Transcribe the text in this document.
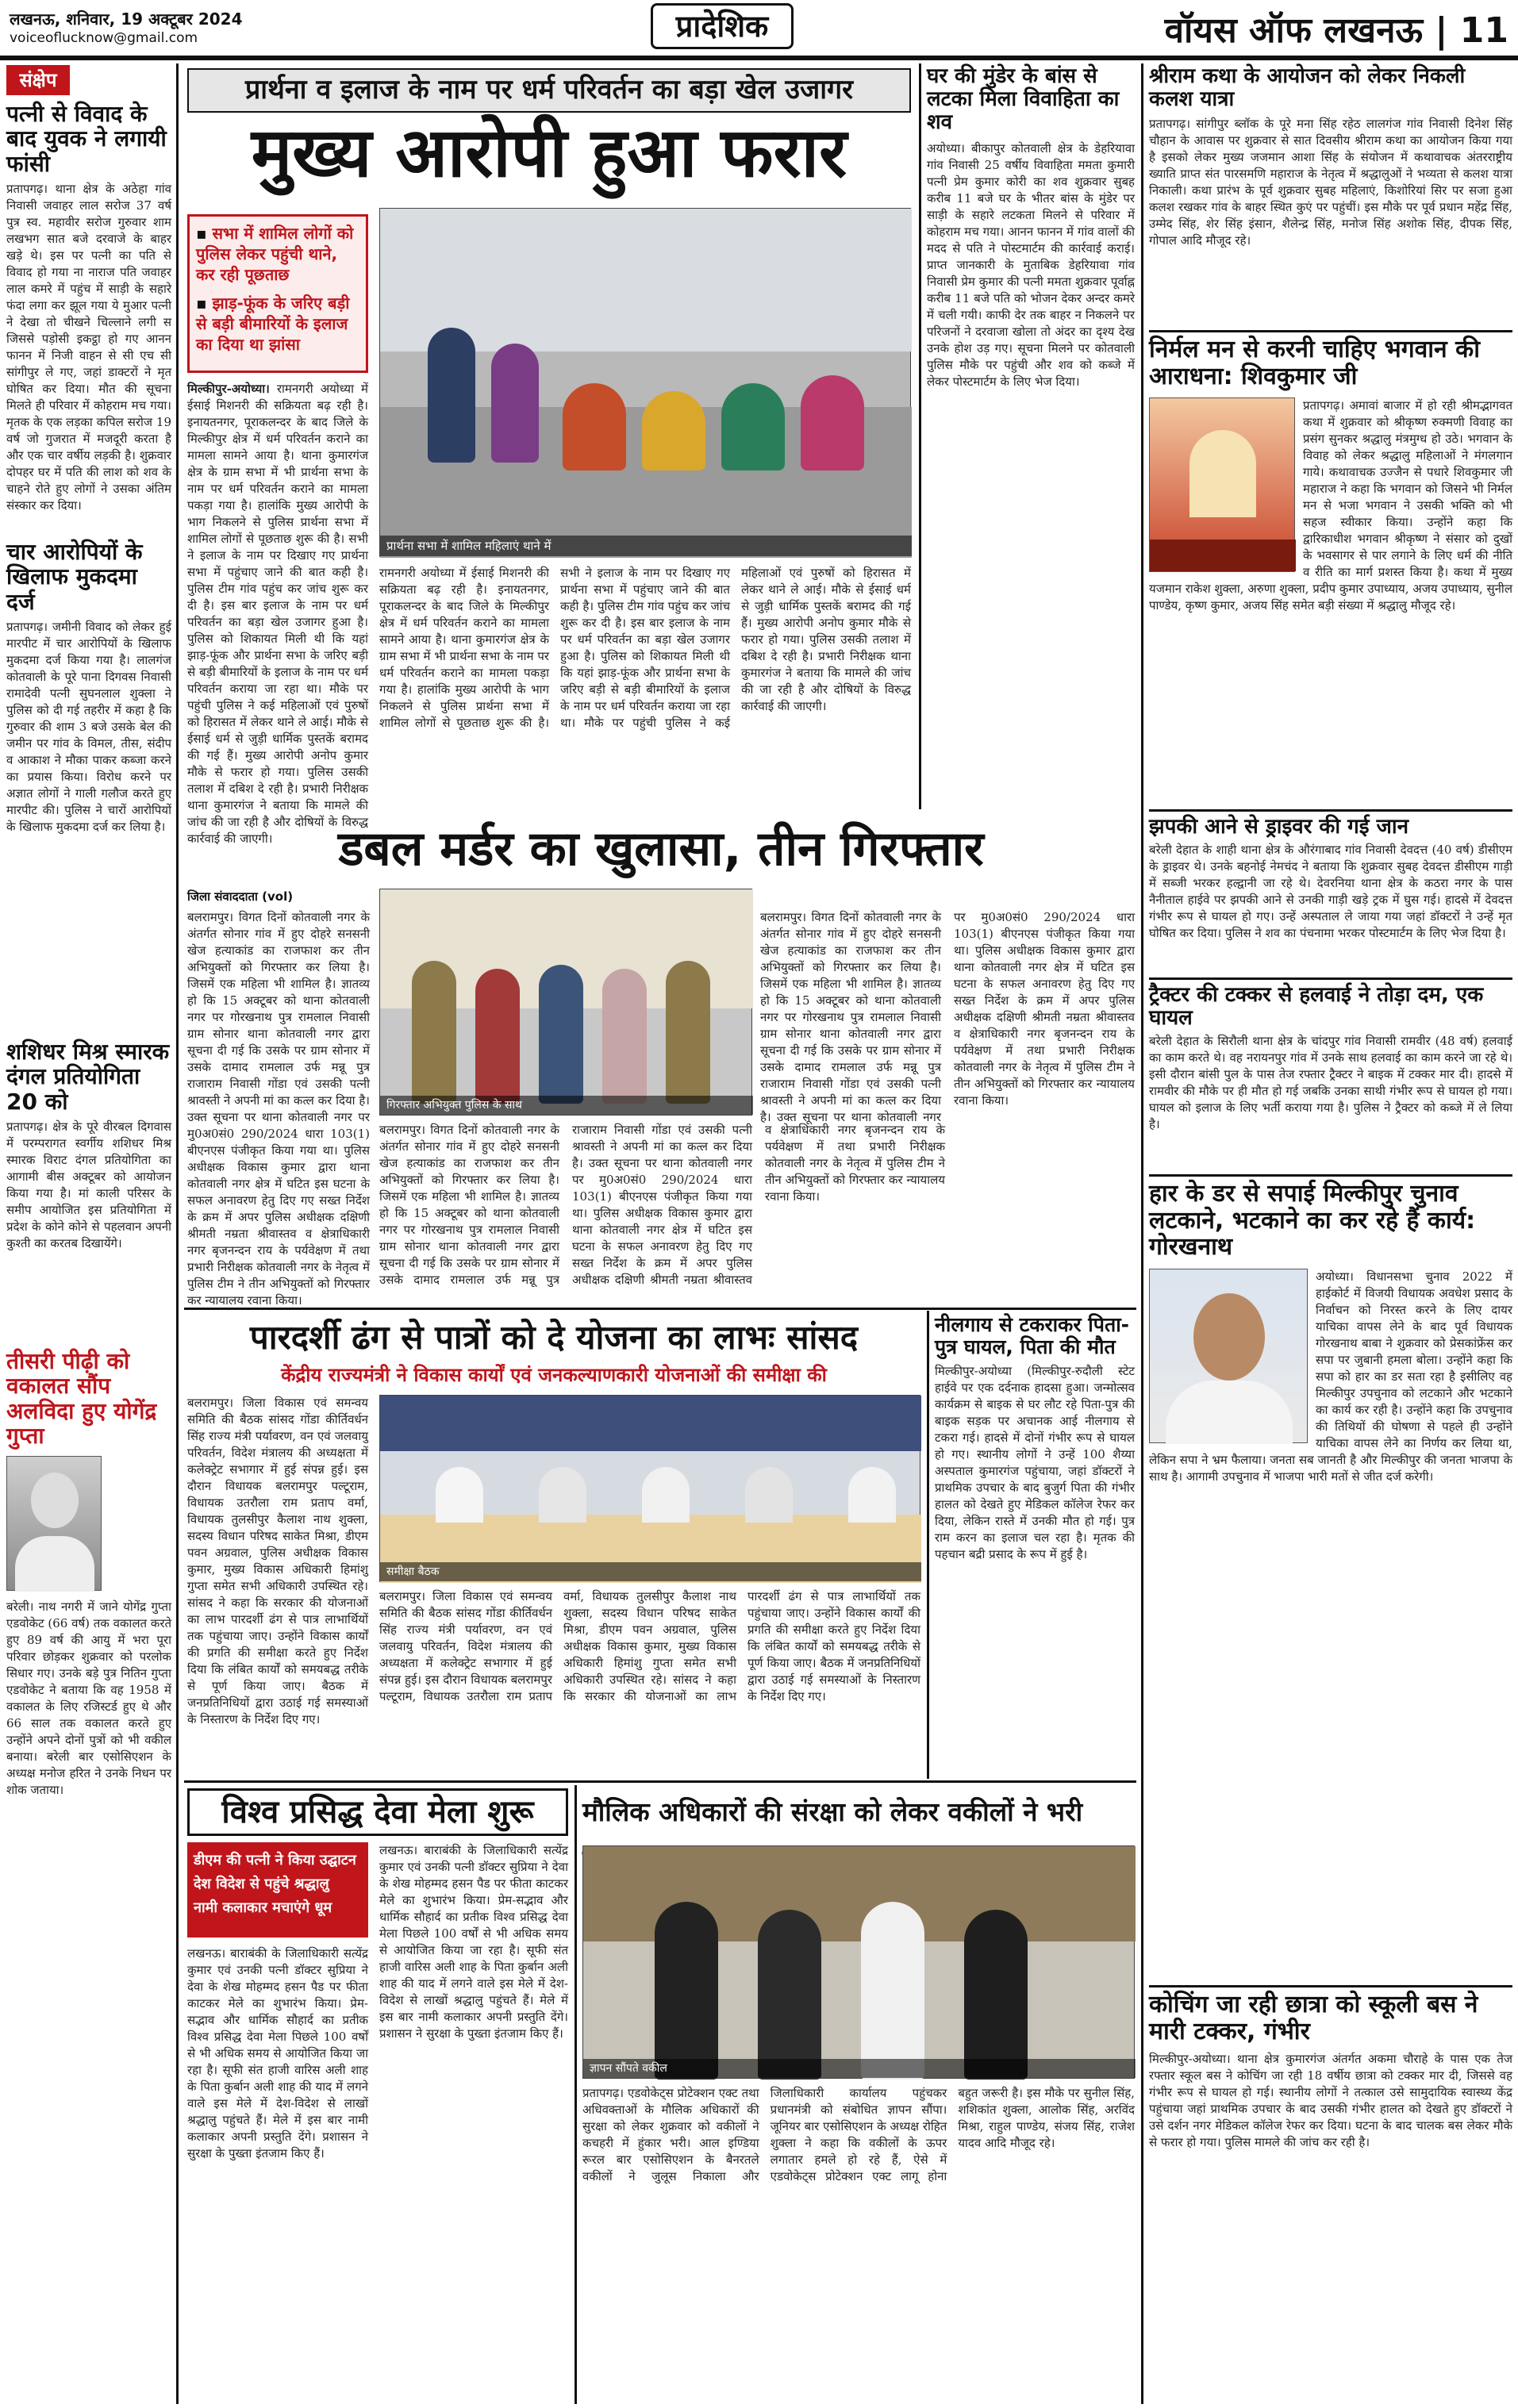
लखनऊ, शनिवार, 19 अक्टूबर 2024
voiceoflucknow@gmail.com	प्रादेशिक	वॉयस ऑफ लखनऊ | 11
संक्षेप
पत्नी से विवाद के बाद युवक ने लगायी फांसी
प्रतापगढ़। थाना क्षेत्र के अठेहा गांव निवासी जवाहर लाल सरोज 37 वर्ष पुत्र स्व. महावीर सरोज गुरुवार शाम लखभग सात बजे दरवाजे के बाहर खड़े थे। इस पर पत्नी का पति से विवाद हो गया ना नाराज पति जवाहर लाल कमरे में पहुंच में साड़ी के सहारे फंदा लगा कर झूल गया ये मुआर पत्नी ने देखा तो चीखने चिल्लाने लगी स जिससे पड़ोसी इकट्ठा हो गए आनन फानन में निजी वाहन से सी एच सी सांगीपुर ले गए, जहां डाक्टरों ने मृत घोषित कर दिया। मौत की सूचना मिलते ही परिवार में कोहराम मच गया। मृतक के एक लड़का कपिल सरोज 19 वर्ष जो गुजरात में मजदूरी करता है और एक चार वर्षीय लड़की है। शुक्रवार दोपहर घर में पति की लाश को शव के चाहने रोते हुए लोगों ने उसका अंतिम संस्कार कर दिया।
चार आरोपियों के खिलाफ मुकदमा दर्ज
प्रतापगढ़। जमीनी विवाद को लेकर हुई मारपीट में चार आरोपियों के खिलाफ मुकदमा दर्ज किया गया है। लालगंज कोतवाली के पूरे पाना दिगवस निवासी रामादेवी पत्नी सुघनलाल शुक्ला ने पुलिस को दी गई तहरीर में कहा है कि गुरुवार की शाम 3 बजे उसके बेल की जमीन पर गांव के विमल, तीस, संदीप व आकाश ने मौका पाकर कब्जा करने का प्रयास किया। विरोध करने पर अज्ञात लोगों ने गाली गलौज करते हुए मारपीट की। पुलिस ने चारों आरोपियों के खिलाफ मुकदमा दर्ज कर लिया है।
शशिधर मिश्र स्मारक दंगल प्रतियोगिता 20 को
प्रतापगढ़। क्षेत्र के पूरे वीरबल दिगवास में परम्परागत स्वर्गीय शशिधर मिश्र स्मारक विराट दंगल प्रतियोगिता का आगामी बीस अक्टूबर को आयोजन किया गया है। मां काली परिसर के समीप आयोजित इस प्रतियोगिता में प्रदेश के कोने कोने से पहलवान अपनी कुश्ती का करतब दिखायेंगे।
तीसरी पीढ़ी को वकालत सौंप अलविदा हुए योगेंद्र गुप्ता
बरेली। नाथ नगरी में जाने योगेंद्र गुप्ता एडवोकेट (66 वर्ष) तक वकालत करते हुए 89 वर्ष की आयु में भरा पूरा परिवार छोड़कर शुक्रवार को परलोक सिधार गए। उनके बड़े पुत्र नितिन गुप्ता एडवोकेट ने बताया कि वह 1958 में वकालत के लिए रजिस्टर्ड हुए थे और 66 साल तक वकालत करते हुए उन्होंने अपने दोनों पुत्रों को भी वकील बनाया। बरेली बार एसोसिएशन के अध्यक्ष मनोज हरित ने उनके निधन पर शोक जताया।
प्रार्थना व इलाज के नाम पर धर्म परिवर्तन का बड़ा खेल उजागर
मुख्य आरोपी हुआ फरार
▪ सभा में शामिल लोगों को पुलिस लेकर पहुंची थाने, कर रही पूछताछ
▪ झाड़-फूंक के जरिए बड़ी से बड़ी बीमारियों के इलाज का दिया था झांसा
मिल्कीपुर-अयोध्या। रामनगरी अयोध्या में ईसाई मिशनरी की सक्रियता बढ़ रही है। इनायतनगर, पूराकलन्दर के बाद जिले के मिल्कीपुर क्षेत्र में धर्म परिवर्तन कराने का मामला सामने आया है। थाना कुमारगंज क्षेत्र के ग्राम सभा में भी प्रार्थना सभा के नाम पर धर्म परिवर्तन कराने का मामला पकड़ा गया है। हालांकि मुख्य आरोपी के भाग निकलने से पुलिस प्रार्थना सभा में शामिल लोगों से पूछताछ शुरू की है। सभी ने इलाज के नाम पर दिखाए गए प्रार्थना सभा में पहुंचाए जाने की बात कही है। पुलिस टीम गांव पहुंच कर जांच शुरू कर दी है। इस बार इलाज के नाम पर धर्म परिवर्तन का बड़ा खेल उजागर हुआ है। पुलिस को शिकायत मिली थी कि यहां झाड़-फूंक और प्रार्थना सभा के जरिए बड़ी से बड़ी बीमारियों के इलाज के नाम पर धर्म परिवर्तन कराया जा रहा था। मौके पर पहुंची पुलिस ने कई महिलाओं एवं पुरुषों को हिरासत में लेकर थाने ले आई। मौके से ईसाई धर्म से जुड़ी धार्मिक पुस्तकें बरामद की गई हैं। मुख्य आरोपी अनोप कुमार मौके से फरार हो गया। पुलिस उसकी तलाश में दबिश दे रही है। प्रभारी निरीक्षक थाना कुमारगंज ने बताया कि मामले की जांच की जा रही है और दोषियों के विरुद्ध कार्रवाई की जाएगी।
प्रार्थना सभा में शामिल महिलाएं थाने में
रामनगरी अयोध्या में ईसाई मिशनरी की सक्रियता बढ़ रही है। इनायतनगर, पूराकलन्दर के बाद जिले के मिल्कीपुर क्षेत्र में धर्म परिवर्तन कराने का मामला सामने आया है। थाना कुमारगंज क्षेत्र के ग्राम सभा में भी प्रार्थना सभा के नाम पर धर्म परिवर्तन कराने का मामला पकड़ा गया है। हालांकि मुख्य आरोपी के भाग निकलने से पुलिस प्रार्थना सभा में शामिल लोगों से पूछताछ शुरू की है। सभी ने इलाज के नाम पर दिखाए गए प्रार्थना सभा में पहुंचाए जाने की बात कही है। पुलिस टीम गांव पहुंच कर जांच शुरू कर दी है। इस बार इलाज के नाम पर धर्म परिवर्तन का बड़ा खेल उजागर हुआ है। पुलिस को शिकायत मिली थी कि यहां झाड़-फूंक और प्रार्थना सभा के जरिए बड़ी से बड़ी बीमारियों के इलाज के नाम पर धर्म परिवर्तन कराया जा रहा था। मौके पर पहुंची पुलिस ने कई महिलाओं एवं पुरुषों को हिरासत में लेकर थाने ले आई। मौके से ईसाई धर्म से जुड़ी धार्मिक पुस्तकें बरामद की गई हैं। मुख्य आरोपी अनोप कुमार मौके से फरार हो गया। पुलिस उसकी तलाश में दबिश दे रही है। प्रभारी निरीक्षक थाना कुमारगंज ने बताया कि मामले की जांच की जा रही है और दोषियों के विरुद्ध कार्रवाई की जाएगी।
घर की मुंडेर के बांस से लटका मिला विवाहिता का शव
अयोध्या। बीकापुर कोतवाली क्षेत्र के डेहरियावा गांव निवासी 25 वर्षीय विवाहिता ममता कुमारी पत्नी प्रेम कुमार कोरी का शव शुक्रवार सुबह करीब 11 बजे घर के भीतर बांस के मुंडेर पर साड़ी के सहारे लटकता मिलने से परिवार में कोहराम मच गया। आनन फानन में गांव वालों की मदद से पति ने पोस्टमार्टम की कार्रवाई कराई। प्राप्त जानकारी के मुताबिक डेहरियावा गांव निवासी प्रेम कुमार की पत्नी ममता शुक्रवार पूर्वाह्न करीब 11 बजे पति को भोजन देकर अन्दर कमरे में चली गयी। काफी देर तक बाहर न निकलने पर परिजनों ने दरवाजा खोला तो अंदर का दृश्य देख उनके होश उड़ गए। सूचना मिलने पर कोतवाली पुलिस मौके पर पहुंची और शव को कब्जे में लेकर पोस्टमार्टम के लिए भेज दिया।
श्रीराम कथा के आयोजन को लेकर निकली कलश यात्रा
प्रतापगढ़। सांगीपुर ब्लॉक के पूरे मना सिंह रहेठ लालगंज गांव निवासी दिनेश सिंह चौहान के आवास पर शुक्रवार से सात दिवसीय श्रीराम कथा का आयोजन किया गया है इसको लेकर मुख्य जजमान आशा सिंह के संयोजन में कथावाचक अंतरराष्ट्रीय ख्याति प्राप्त संत पारसमणि महाराज के नेतृत्व में श्रद्धालुओं ने भव्यता से कलश यात्रा निकाली। कथा प्रारंभ के पूर्व शुक्रवार सुबह महिलाएं, किशोरियां सिर पर सजा हुआ कलश रखकर गांव के बाहर स्थित कुएं पर पहुंचीं। इस मौके पर पूर्व प्रधान महेंद्र सिंह, उम्मेद सिंह, शेर सिंह इंसान, शैलेन्द्र सिंह, मनोज सिंह अशोक सिंह, दीपक सिंह, गोपाल आदि मौजूद रहे।
निर्मल मन से करनी चाहिए भगवान की आराधना: शिवकुमार जी
प्रतापगढ़। अमावां बाजार में हो रही श्रीमद्भागवत कथा में शुक्रवार को श्रीकृष्ण रुक्मणी विवाह का प्रसंग सुनकर श्रद्धालु मंत्रमुग्ध हो उठे। भगवान के विवाह को लेकर श्रद्धालु महिलाओं ने मंगलगान गाये। कथावाचक उज्जैन से पधारे शिवकुमार जी महाराज ने कहा कि भगवान को जिसने भी निर्मल मन से भजा भगवान ने उसकी भक्ति को भी सहज स्वीकार किया। उन्होंने कहा कि द्वारिकाधीश भगवान श्रीकृष्ण ने संसार को दुखों के भवसागर से पार लगाने के लिए धर्म की नीति व रीति का मार्ग प्रशस्त किया है। कथा में मुख्य यजमान राकेश शुक्ला, अरुणा शुक्ला, प्रदीप कुमार उपाध्याय, अजय उपाध्याय, सुनील पाण्डेय, कृष्ण कुमार, अजय सिंह समेत बड़ी संख्या में श्रद्धालु मौजूद रहे।
डबल मर्डर का खुलासा, तीन गिरफ्तार
जिला संवाददाता (vol)
बलरामपुर। विगत दिनों कोतवाली नगर के अंतर्गत सोनार गांव में हुए दोहरे सनसनी खेज हत्याकांड का राजफाश कर तीन अभियुक्तों को गिरफ्तार कर लिया है। जिसमें एक महिला भी शामिल है। ज्ञातव्य हो कि 15 अक्टूबर को थाना कोतवाली नगर पर गोरखनाथ पुत्र रामलाल निवासी ग्राम सोनार थाना कोतवाली नगर द्वारा सूचना दी गई कि उसके पर ग्राम सोनार में उसके दामाद रामलाल उर्फ मन्नू पुत्र राजाराम निवासी गोंडा एवं उसकी पत्नी श्रावस्ती ने अपनी मां का कत्ल कर दिया है। उक्त सूचना पर थाना कोतवाली नगर पर मु0अ0सं0 290/2024 धारा 103(1) बीएनएस पंजीकृत किया गया था। पुलिस अधीक्षक विकास कुमार द्वारा थाना कोतवाली नगर क्षेत्र में घटित इस घटना के सफल अनावरण हेतु दिए गए सख्त निर्देश के क्रम में अपर पुलिस अधीक्षक दक्षिणी श्रीमती नम्रता श्रीवास्तव व क्षेत्राधिकारी नगर बृजनन्दन राय के पर्यवेक्षण में तथा प्रभारी निरीक्षक कोतवाली नगर के नेतृत्व में पुलिस टीम ने तीन अभियुक्तों को गिरफ्तार कर न्यायालय रवाना किया।
गिरफ्तार अभियुक्त पुलिस के साथ
बलरामपुर। विगत दिनों कोतवाली नगर के अंतर्गत सोनार गांव में हुए दोहरे सनसनी खेज हत्याकांड का राजफाश कर तीन अभियुक्तों को गिरफ्तार कर लिया है। जिसमें एक महिला भी शामिल है। ज्ञातव्य हो कि 15 अक्टूबर को थाना कोतवाली नगर पर गोरखनाथ पुत्र रामलाल निवासी ग्राम सोनार थाना कोतवाली नगर द्वारा सूचना दी गई कि उसके पर ग्राम सोनार में उसके दामाद रामलाल उर्फ मन्नू पुत्र राजाराम निवासी गोंडा एवं उसकी पत्नी श्रावस्ती ने अपनी मां का कत्ल कर दिया है। उक्त सूचना पर थाना कोतवाली नगर पर मु0अ0सं0 290/2024 धारा 103(1) बीएनएस पंजीकृत किया गया था। पुलिस अधीक्षक विकास कुमार द्वारा थाना कोतवाली नगर क्षेत्र में घटित इस घटना के सफल अनावरण हेतु दिए गए सख्त निर्देश के क्रम में अपर पुलिस अधीक्षक दक्षिणी श्रीमती नम्रता श्रीवास्तव व क्षेत्राधिकारी नगर बृजनन्दन राय के पर्यवेक्षण में तथा प्रभारी निरीक्षक कोतवाली नगर के नेतृत्व में पुलिस टीम ने तीन अभियुक्तों को गिरफ्तार कर न्यायालय रवाना किया।
बलरामपुर। विगत दिनों कोतवाली नगर के अंतर्गत सोनार गांव में हुए दोहरे सनसनी खेज हत्याकांड का राजफाश कर तीन अभियुक्तों को गिरफ्तार कर लिया है। जिसमें एक महिला भी शामिल है। ज्ञातव्य हो कि 15 अक्टूबर को थाना कोतवाली नगर पर गोरखनाथ पुत्र रामलाल निवासी ग्राम सोनार थाना कोतवाली नगर द्वारा सूचना दी गई कि उसके पर ग्राम सोनार में उसके दामाद रामलाल उर्फ मन्नू पुत्र राजाराम निवासी गोंडा एवं उसकी पत्नी श्रावस्ती ने अपनी मां का कत्ल कर दिया है। उक्त सूचना पर थाना कोतवाली नगर पर मु0अ0सं0 290/2024 धारा 103(1) बीएनएस पंजीकृत किया गया था। पुलिस अधीक्षक विकास कुमार द्वारा थाना कोतवाली नगर क्षेत्र में घटित इस घटना के सफल अनावरण हेतु दिए गए सख्त निर्देश के क्रम में अपर पुलिस अधीक्षक दक्षिणी श्रीमती नम्रता श्रीवास्तव व क्षेत्राधिकारी नगर बृजनन्दन राय के पर्यवेक्षण में तथा प्रभारी निरीक्षक कोतवाली नगर के नेतृत्व में पुलिस टीम ने तीन अभियुक्तों को गिरफ्तार कर न्यायालय रवाना किया।
झपकी आने से ड्राइवर की गई जान
बरेली देहात के शाही थाना क्षेत्र के औरंगाबाद गांव निवासी देवदत्त (40 वर्ष) डीसीएम के ड्राइवर थे। उनके बहनोई नेमचंद ने बताया कि शुक्रवार सुबह देवदत्त डीसीएम गाड़ी में सब्जी भरकर हल्द्वानी जा रहे थे। देवरनिया थाना क्षेत्र के कठरा नगर के पास नैनीताल हाईवे पर झपकी आने से उनकी गाड़ी खड़े ट्रक में घुस गई। हादसे में देवदत्त गंभीर रूप से घायल हो गए। उन्हें अस्पताल ले जाया गया जहां डॉक्टरों ने उन्हें मृत घोषित कर दिया। पुलिस ने शव का पंचनामा भरकर पोस्टमार्टम के लिए भेज दिया है।
ट्रैक्टर की टक्कर से हलवाई ने तोड़ा दम, एक घायल
बरेली देहात के सिरौली थाना क्षेत्र के चांदपुर गांव निवासी रामवीर (48 वर्ष) हलवाई का काम करते थे। वह नरायनपुर गांव में उनके साथ हलवाई का काम करने जा रहे थे। इसी दौरान बांसी पुल के पास तेज रफ्तार ट्रैक्टर ने बाइक में टक्कर मार दी। हादसे में रामवीर की मौके पर ही मौत हो गई जबकि उनका साथी गंभीर रूप से घायल हो गया। घायल को इलाज के लिए भर्ती कराया गया है। पुलिस ने ट्रैक्टर को कब्जे में ले लिया है।
हार के डर से सपाई मिल्कीपुर चुनाव लटकाने, भटकाने का कर रहे हैं कार्य: गोरखनाथ
अयोध्या। विधानसभा चुनाव 2022 में हाईकोर्ट में विजयी विधायक अवधेश प्रसाद के निर्वाचन को निरस्त करने के लिए दायर याचिका वापस लेने के बाद पूर्व विधायक गोरखनाथ बाबा ने शुक्रवार को प्रेसकांफ्रेंस कर सपा पर जुबानी हमला बोला। उन्होंने कहा कि सपा को हार का डर सता रहा है इसीलिए वह मिल्कीपुर उपचुनाव को लटकाने और भटकाने का कार्य कर रही है। उन्होंने कहा कि उपचुनाव की तिथियों की घोषणा से पहले ही उन्होंने याचिका वापस लेने का निर्णय कर लिया था, लेकिन सपा ने भ्रम फैलाया। जनता सब जानती है और मिल्कीपुर की जनता भाजपा के साथ है। आगामी उपचुनाव में भाजपा भारी मतों से जीत दर्ज करेगी।
कोचिंग जा रही छात्रा को स्कूली बस ने मारी टक्कर, गंभीर
मिल्कीपुर-अयोध्या। थाना क्षेत्र कुमारगंज अंतर्गत अकमा चौराहे के पास एक तेज रफ्तार स्कूल बस ने कोचिंग जा रही 18 वर्षीय छात्रा को टक्कर मार दी, जिससे वह गंभीर रूप से घायल हो गई। स्थानीय लोगों ने तत्काल उसे सामुदायिक स्वास्थ्य केंद्र पहुंचाया जहां प्राथमिक उपचार के बाद उसकी गंभीर हालत को देखते हुए डॉक्टरों ने उसे दर्शन नगर मेडिकल कॉलेज रेफर कर दिया। घटना के बाद चालक बस लेकर मौके से फरार हो गया। पुलिस मामले की जांच कर रही है।
नीलगाय से टकराकर पिता-पुत्र घायल, पिता की मौत
मिल्कीपुर-अयोध्या (मिल्कीपुर-रुदौली स्टेट हाईवे पर एक दर्दनाक हादसा हुआ। जन्मोत्सव कार्यक्रम से बाइक से घर लौट रहे पिता-पुत्र की बाइक सड़क पर अचानक आई नीलगाय से टकरा गई। हादसे में दोनों गंभीर रूप से घायल हो गए। स्थानीय लोगों ने उन्हें 100 शैय्या अस्पताल कुमारगंज पहुंचाया, जहां डॉक्टरों ने प्राथमिक उपचार के बाद बुजुर्ग पिता की गंभीर हालत को देखते हुए मेडिकल कॉलेज रेफर कर दिया, लेकिन रास्ते में उनकी मौत हो गई। पुत्र राम करन का इलाज चल रहा है। मृतक की पहचान बद्री प्रसाद के रूप में हुई है।
पारदर्शी ढंग से पात्रों को दे योजना का लाभः सांसद
केंद्रीय राज्यमंत्री ने विकास कार्यों एवं जनकल्याणकारी योजनाओं की समीक्षा की
बलरामपुर। जिला विकास एवं समन्वय समिति की बैठक सांसद गोंडा कीर्तिवर्धन सिंह राज्य मंत्री पर्यावरण, वन एवं जलवायु परिवर्तन, विदेश मंत्रालय की अध्यक्षता में कलेक्ट्रेट सभागार में हुई संपन्न हुई। इस दौरान विधायक बलरामपुर पल्टूराम, विधायक उतरौला राम प्रताप वर्मा, विधायक तुलसीपुर कैलाश नाथ शुक्ला, सदस्य विधान परिषद साकेत मिश्रा, डीएम पवन अग्रवाल, पुलिस अधीक्षक विकास कुमार, मुख्य विकास अधिकारी हिमांशु गुप्ता समेत सभी अधिकारी उपस्थित रहे। सांसद ने कहा कि सरकार की योजनाओं का लाभ पारदर्शी ढंग से पात्र लाभार्थियों तक पहुंचाया जाए। उन्होंने विकास कार्यों की प्रगति की समीक्षा करते हुए निर्देश दिया कि लंबित कार्यों को समयबद्ध तरीके से पूर्ण किया जाए। बैठक में जनप्रतिनिधियों द्वारा उठाई गई समस्याओं के निस्तारण के निर्देश दिए गए।
समीक्षा बैठक
बलरामपुर। जिला विकास एवं समन्वय समिति की बैठक सांसद गोंडा कीर्तिवर्धन सिंह राज्य मंत्री पर्यावरण, वन एवं जलवायु परिवर्तन, विदेश मंत्रालय की अध्यक्षता में कलेक्ट्रेट सभागार में हुई संपन्न हुई। इस दौरान विधायक बलरामपुर पल्टूराम, विधायक उतरौला राम प्रताप वर्मा, विधायक तुलसीपुर कैलाश नाथ शुक्ला, सदस्य विधान परिषद साकेत मिश्रा, डीएम पवन अग्रवाल, पुलिस अधीक्षक विकास कुमार, मुख्य विकास अधिकारी हिमांशु गुप्ता समेत सभी अधिकारी उपस्थित रहे। सांसद ने कहा कि सरकार की योजनाओं का लाभ पारदर्शी ढंग से पात्र लाभार्थियों तक पहुंचाया जाए। उन्होंने विकास कार्यों की प्रगति की समीक्षा करते हुए निर्देश दिया कि लंबित कार्यों को समयबद्ध तरीके से पूर्ण किया जाए। बैठक में जनप्रतिनिधियों द्वारा उठाई गई समस्याओं के निस्तारण के निर्देश दिए गए।
विश्व प्रसिद्ध देवा मेला शुरू
डीएम की पत्नी ने किया उद्घाटन
देश विदेश से पहुंचे श्रद्धालु
नामी कलाकार मचाएंगे धूम
लखनऊ। बाराबंकी के जिलाधिकारी सत्येंद्र कुमार एवं उनकी पत्नी डॉक्टर सुप्रिया ने देवा के शेख मोहम्मद हसन पैड पर फीता काटकर मेले का शुभारंभ किया। प्रेम-सद्भाव और धार्मिक सौहार्द का प्रतीक विश्व प्रसिद्ध देवा मेला पिछले 100 वर्षों से भी अधिक समय से आयोजित किया जा रहा है। सूफी संत हाजी वारिस अली शाह के पिता कुर्बान अली शाह की याद में लगने वाले इस मेले में देश-विदेश से लाखों श्रद्धालु पहुंचते हैं। मेले में इस बार नामी कलाकार अपनी प्रस्तुति देंगे। प्रशासन ने सुरक्षा के पुख्ता इंतजाम किए हैं।
लखनऊ। बाराबंकी के जिलाधिकारी सत्येंद्र कुमार एवं उनकी पत्नी डॉक्टर सुप्रिया ने देवा के शेख मोहम्मद हसन पैड पर फीता काटकर मेले का शुभारंभ किया। प्रेम-सद्भाव और धार्मिक सौहार्द का प्रतीक विश्व प्रसिद्ध देवा मेला पिछले 100 वर्षों से भी अधिक समय से आयोजित किया जा रहा है। सूफी संत हाजी वारिस अली शाह के पिता कुर्बान अली शाह की याद में लगने वाले इस मेले में देश-विदेश से लाखों श्रद्धालु पहुंचते हैं। मेले में इस बार नामी कलाकार अपनी प्रस्तुति देंगे। प्रशासन ने सुरक्षा के पुख्ता इंतजाम किए हैं।
मौलिक अधिकारों की संरक्षा को लेकर वकीलों ने भरी
ज्ञापन सौंपते वकील
प्रतापगढ़। एडवोकेट्स प्रोटेक्शन एक्ट तथा अधिवक्ताओं के मौलिक अधिकारों की सुरक्षा को लेकर शुक्रवार को वकीलों ने कचहरी में हुंकार भरी। आल इण्डिया रूरल बार एसोसिएशन के बैनरतले वकीलों ने जुलूस निकाला और जिलाधिकारी कार्यालय पहुंचकर प्रधानमंत्री को संबोधित ज्ञापन सौंपा। जूनियर बार एसोसिएशन के अध्यक्ष रोहित शुक्ला ने कहा कि वकीलों के ऊपर लगातार हमले हो रहे हैं, ऐसे में एडवोकेट्स प्रोटेक्शन एक्ट लागू होना बहुत जरूरी है। इस मौके पर सुनील सिंह, शशिकांत शुक्ला, आलोक सिंह, अरविंद मिश्रा, राहुल पाण्डेय, संजय सिंह, राजेश यादव आदि मौजूद रहे।
